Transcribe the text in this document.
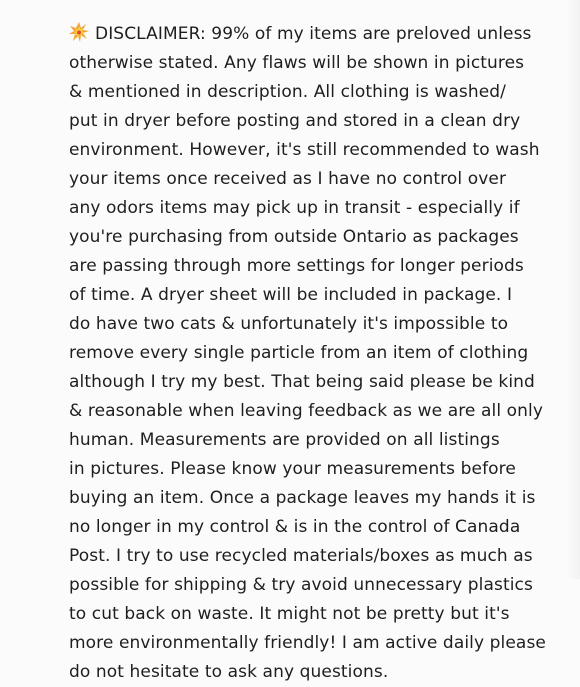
DISCLAIMER: 99% of my items are preloved unless
otherwise stated. Any flaws will be shown in pictures
& mentioned in description. All clothing is washed/
put in dryer before posting and stored in a clean dry
environment. However, it's still recommended to wash
your items once received as I have no control over
any odors items may pick up in transit - especially if
you're purchasing from outside Ontario as packages
are passing through more settings for longer periods
of time. A dryer sheet will be included in package. I
do have two cats & unfortunately it's impossible to
remove every single particle from an item of clothing
although I try my best. That being said please be kind
& reasonable when leaving feedback as we are all only
human. Measurements are provided on all listings
in pictures. Please know your measurements before
buying an item. Once a package leaves my hands it is
no longer in my control & is in the control of Canada
Post. I try to use recycled materials/boxes as much as
possible for shipping & try avoid unnecessary plastics
to cut back on waste. It might not be pretty but it's
more environmentally friendly! I am active daily please
do not hesitate to ask any questions.
